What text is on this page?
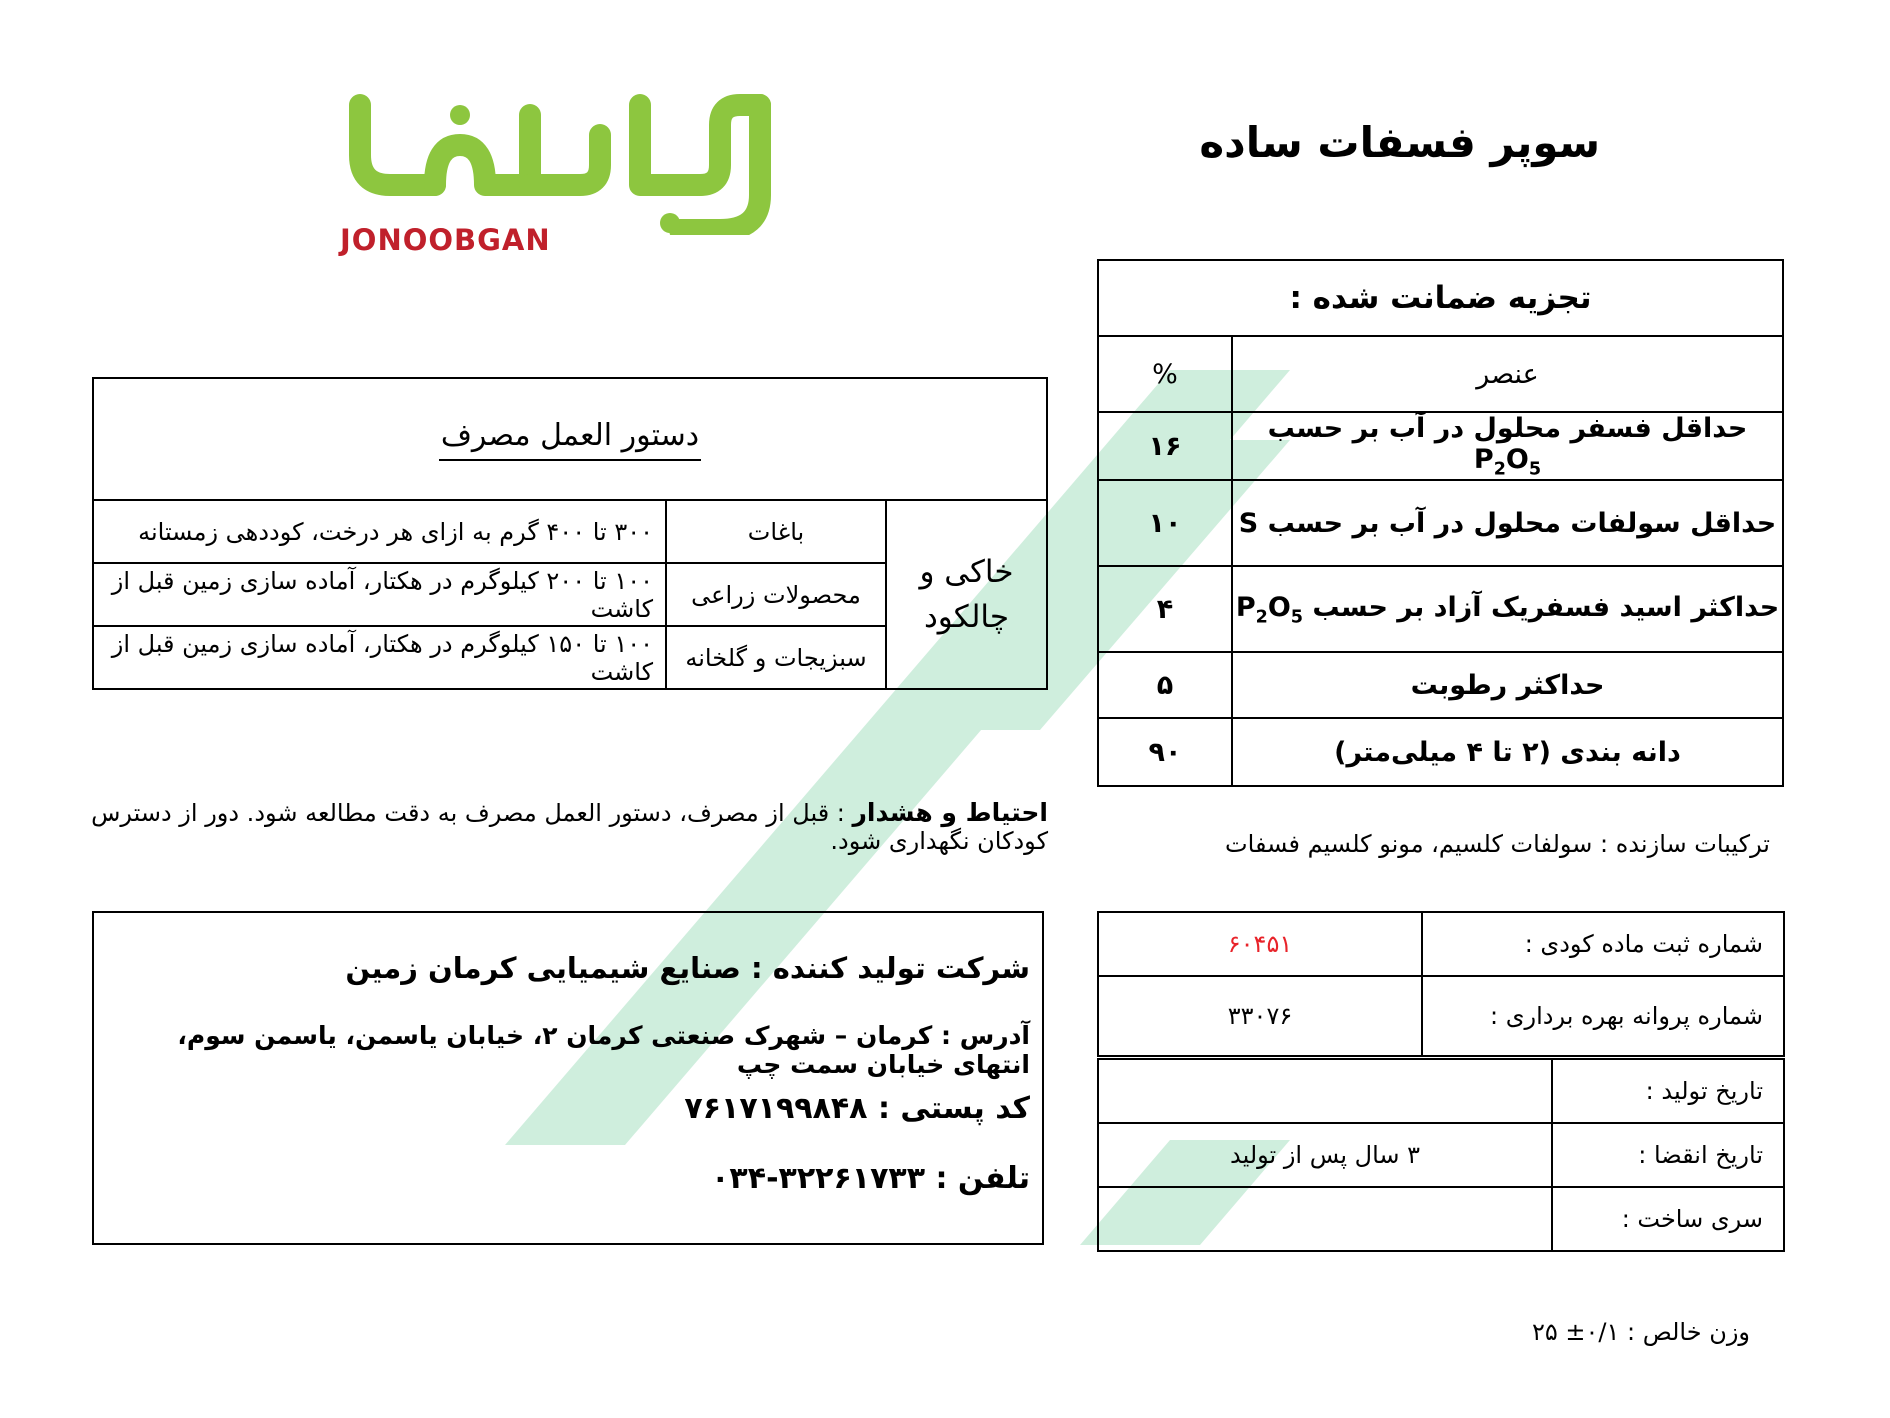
JONOOBGAN
سوپر فسفات ساده
تجزیه ضمانت شده :	
عنصر	%
حداقل فسفر محلول در آب بر حسب $P_2O_5$	۱۶
حداقل سولفات محلول در آب بر حسب S	۱۰
حداکثر اسید فسفریک آزاد بر حسب $P_2O_5$	۴
حداکثر رطوبت	۵
دانه بندی (۲ تا ۴ میلی‌متر)	۹۰
ترکیبات سازنده : سولفات کلسیم، مونو کلسیم فسفات
دستور العمل مصرف		
خاکی و چالکود	باغات	۳۰۰ تا ۴۰۰ گرم به ازای هر درخت، کوددهی زمستانه
	محصولات زراعی	۱۰۰ تا ۲۰۰ کیلوگرم در هکتار، آماده سازی زمین قبل از کاشت
	سبزیجات و گلخانه	۱۰۰ تا ۱۵۰ کیلوگرم در هکتار، آماده سازی زمین قبل از کاشت
احتیاط و هشدار : قبل از مصرف، دستور العمل مصرف به دقت مطالعه شود. دور از دسترس کودکان نگهداری شود.
شرکت تولید کننده : صنایع شیمیایی کرمان زمین
آدرس : کرمان – شهرک صنعتی کرمان ۲، خیابان یاسمن، یاسمن سوم، انتهای خیابان سمت چپ
کد پستی : ۷۶۱۷۱۹۹۸۴۸
تلفن : ۳۲۲۶۱۷۳۳-۰۳۴
شماره ثبت ماده کودی :	۶۰۴۵۱
شماره پروانه بهره برداری :	۳۳۰۷۶
تاریخ تولید :	
تاریخ انقضا :	۳ سال پس از تولید
سری ساخت :	
وزن خالص : ۰/۱± ۲۵
